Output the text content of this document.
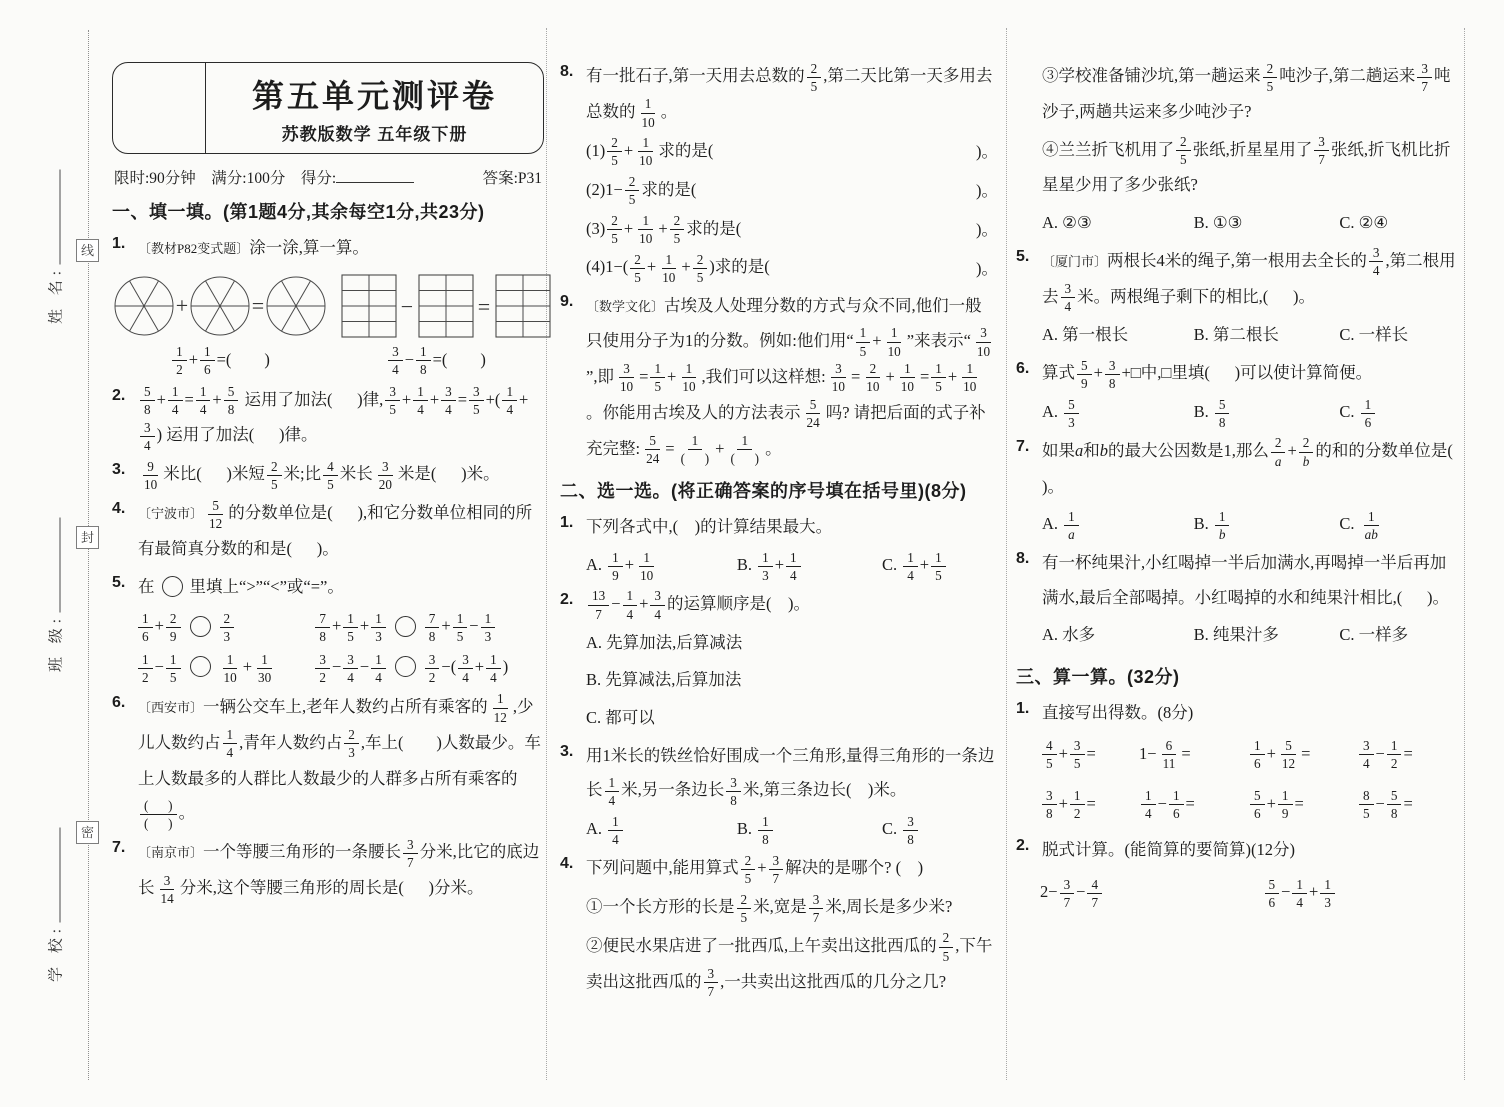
姓 名:
班 级:
学 校:
线
封
密
第五单元测评卷
苏教版数学 五年级下册
限时:90分钟    满分:100分    得分:	答案:P31
一、填一填。(第1题4分,其余每空1分,共23分)
1. 〔教材P82变式题〕涂一涂,算一算。
+	=	−	=
$\frac{1}{2} + \frac{1}{6}$ =(        )	$\frac{3}{4} - \frac{1}{8}$ =(        )
2.	$\frac{5}{8} + \frac{1}{4} = \frac{1}{4} + \frac{5}{8}$ 运用了加法(      )律, $\frac{3}{5} + \frac{1}{4} + \frac{3}{4} = \frac{3}{5}$ +( $\frac{1}{4}$ +
$\frac{3}{4}$ ) 运用了加法(      )律。
3.	$\frac{9}{10}$ 米比(      )米短 $\frac{2}{5}$ 米;比 $\frac{4}{5}$ 米长 $\frac{3}{20}$ 米是(      )米。
4. 〔宁波市〕 $\frac{5}{12}$ 的分数单位是(      ),和它分数单位相同的所有最简真分数的和是(      )。
5. 在 里填上“>”“<”或“=”。
$\frac{1}{6} + \frac{2}{9}$	$\frac{2}{3}$	$\frac{7}{8} + \frac{1}{5} + \frac{1}{3}$	$\frac{7}{8} + \frac{1}{5} - \frac{1}{3}$
$\frac{1}{2} - \frac{1}{5}$	$\frac{1}{10} + \frac{1}{30}$	$\frac{3}{2} - \frac{3}{4} - \frac{1}{4}$	$\frac{3}{2}$ −( $\frac{3}{4} + \frac{1}{4}$ )
6. 〔西安市〕一辆公交车上,老年人数约占所有乘客的 $\frac{1}{12}$ ,少儿人数约占 $\frac{1}{4}$ ,青年人数约占 $\frac{2}{3}$ ,车上(        )人数最少。车上人数最多的人群比人数最少的人群多占所有乘客的
$\frac{( )}{( )}$ 。
7. 〔南京市〕一个等腰三角形的一条腰长 $\frac{3}{7}$ 分米,比它的底边长 $\frac{3}{14}$ 分米,这个等腰三角形的周长是(      )分米。
8. 有一批石子,第一天用去总数的 $\frac{2}{5}$ ,第二天比第一天多用去总数的 $\frac{1}{10}$ 。
$(1) \frac{2}{5} + \frac{1}{10}$ 求的是(	)。
$(2)1- \frac{2}{5}$ 求的是(	)。
$(3) \frac{2}{5} + \frac{1}{10} + \frac{2}{5}$ 求的是(	)。
$(4)1-( \frac{2}{5} + \frac{1}{10} + \frac{2}{5}$ )求的是(	)。
9. 〔数学文化〕古埃及人处理分数的方式与众不同,他们一般只使用分子为1的分数。例如:他们用“ $\frac{1}{5} + \frac{1}{10}$ ”来表示“ $\frac{3}{10}$
”,即 $\frac{3}{10} = \frac{1}{5} + \frac{1}{10}$ ,我们可以这样想: $\frac{3}{10} = \frac{2}{10} + \frac{1}{10} = \frac{1}{5} + \frac{1}{10}$
。你能用古埃及人的方法表示 $\frac{5}{24}$ 吗? 请把后面的式子补充完整: $\frac{5}{24} = \frac{1}{( )} + \frac{1}{( )}$ 。
二、选一选。(将正确答案的序号填在括号里)(8分)
1. 下列各式中,(    )的计算结果最大。
A. $\frac{1}{9} + \frac{1}{10}$	B. $\frac{1}{3} + \frac{1}{4}$	C. $\frac{1}{4} + \frac{1}{5}$
2.	$\frac{13}{7} - \frac{1}{4} + \frac{3}{4}$ 的运算顺序是(    )。
A. 先算加法,后算减法
B. 先算减法,后算加法
C. 都可以
3. 用1米长的铁丝恰好围成一个三角形,量得三角形的一条边长 $\frac{1}{4}$ 米,另一条边长 $\frac{3}{8}$ 米,第三条边长(    )米。
A. $\frac{1}{4}$	B. $\frac{1}{8}$	C. $\frac{3}{8}$
4. 下列问题中,能用算式 $\frac{2}{5} + \frac{3}{7}$ 解决的是哪个? (    )
①一个长方形的长是 $\frac{2}{5}$ 米,宽是 $\frac{3}{7}$ 米,周长是多少米?
②便民水果店进了一批西瓜,上午卖出这批西瓜的 $\frac{2}{5}$ ,下午卖出这批西瓜的 $\frac{3}{7}$ ,一共卖出这批西瓜的几分之几?
③学校准备铺沙坑,第一趟运来 $\frac{2}{5}$ 吨沙子,第二趟运来 $\frac{3}{7}$ 吨沙子,两趟共运来多少吨沙子?
④兰兰折飞机用了 $\frac{2}{5}$ 张纸,折星星用了 $\frac{3}{7}$ 张纸,折飞机比折星星少用了多少张纸?
A. ②③	B. ①③	C. ②④
5. 〔厦门市〕两根长4米的绳子,第一根用去全长的 $\frac{3}{4}$ ,第二根用去 $\frac{3}{4}$ 米。两根绳子剩下的相比,(      )。
A. 第一根长	B. 第二根长	C. 一样长
6. 算式 $\frac{5}{9} + \frac{3}{8}$ +□中,□里填(      )可以使计算简便。
A. $\frac{5}{3}$	B. $\frac{5}{8}$	C. $\frac{1}{6}$
7. 如果a和b的最大公因数是1,那么 $\frac{2}{a} + \frac{2}{b}$ 的和的分数单位是(      )。
A. $\frac{1}{a}$	B. $\frac{1}{b}$	C. $\frac{1}{ab}$
8. 有一杯纯果汁,小红喝掉一半后加满水,再喝掉一半后再加满水,最后全部喝掉。小红喝掉的水和纯果汁相比,(      )。
A. 水多	B. 纯果汁多	C. 一样多
三、算一算。(32分)
1. 直接写出得数。(8分)
$\frac{4}{5} + \frac{3}{5}$ =	$1- \frac{6}{11}$ =	$\frac{1}{6} + \frac{5}{12}$ =	$\frac{3}{4} - \frac{1}{2}$ =
$\frac{3}{8} + \frac{1}{2}$ =	$\frac{1}{4} - \frac{1}{6}$ =	$\frac{5}{6} + \frac{1}{9}$ =	$\frac{8}{5} - \frac{5}{8}$ =
2. 脱式计算。(能简算的要简算)(12分)
$2- \frac{3}{7} - \frac{4}{7}$	$\frac{5}{6} - \frac{1}{4} + \frac{1}{3}$
